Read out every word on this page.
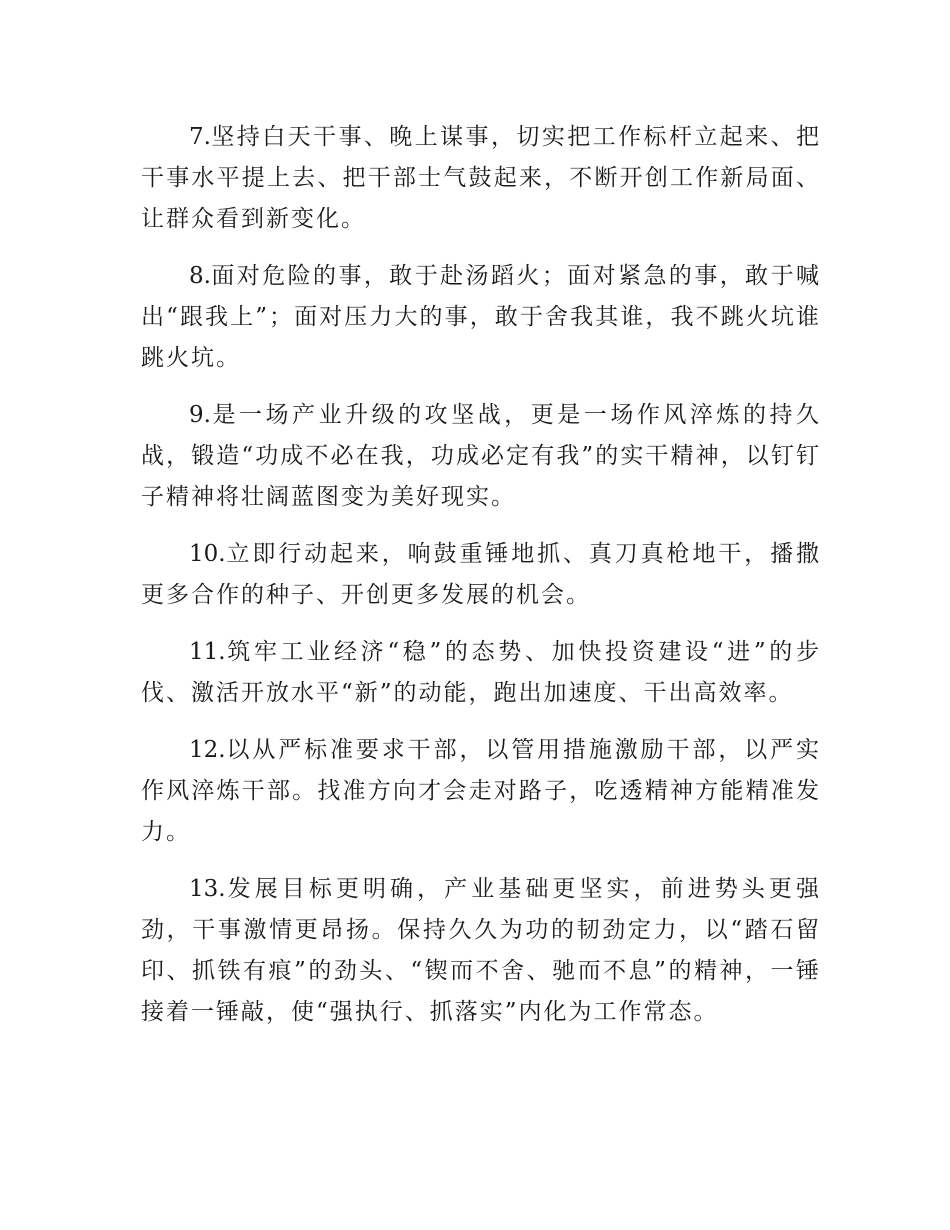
7.坚持白天干事、晚上谋事，切实把工作标杆立起来、把干事水平提上去、把干部士气鼓起来，不断开创工作新局面、让群众看到新变化。

8.面对危险的事，敢于赴汤蹈火；面对紧急的事，敢于喊出“跟我上”；面对压力大的事，敢于舍我其谁，我不跳火坑谁跳火坑。

9.是一场产业升级的攻坚战，更是一场作风淬炼的持久战，锻造“功成不必在我，功成必定有我”的实干精神，以钉钉子精神将壮阔蓝图变为美好现实。

10.立即行动起来，响鼓重锤地抓、真刀真枪地干，播撒更多合作的种子、开创更多发展的机会。

11.筑牢工业经济“稳”的态势、加快投资建设“进”的步伐、激活开放水平“新”的动能，跑出加速度、干出高效率。

12.以从严标准要求干部，以管用措施激励干部，以严实作风淬炼干部。找准方向才会走对路子，吃透精神方能精准发力。

13.发展目标更明确，产业基础更坚实，前进势头更强劲，干事激情更昂扬。保持久久为功的韧劲定力，以“踏石留印、抓铁有痕”的劲头、“锲而不舍、驰而不息”的精神，一锤接着一锤敲，使“强执行、抓落实”内化为工作常态。
